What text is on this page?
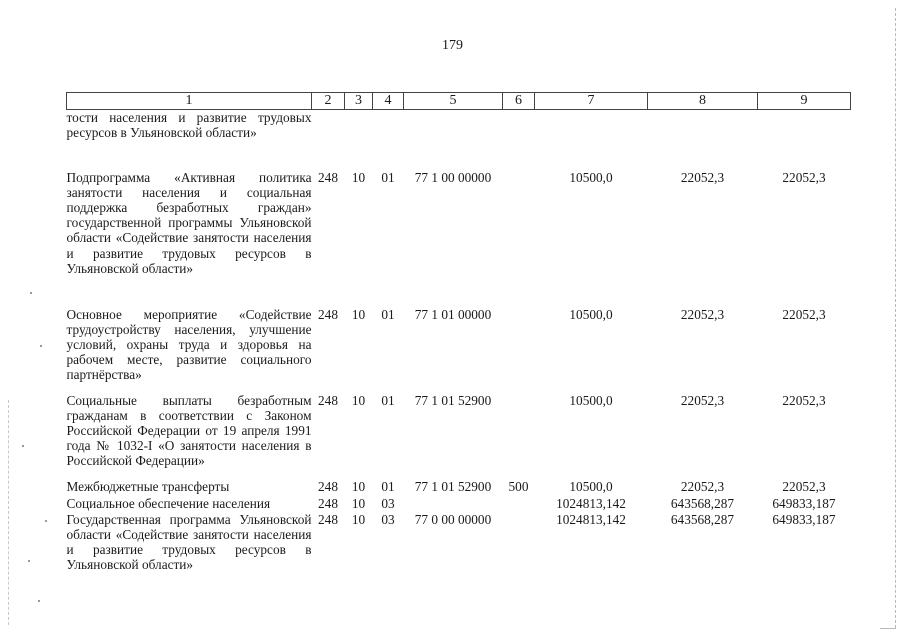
179
1	2	3	4	5	6	7	8	9
тости населения и развитие трудовых ресурсов в Ульяновской области»								
Подпрограмма «Активная политика занятости населения и социальная поддержка безработных граждан» государственной программы Ульяновской области «Содействие занятости населения и развитие трудовых ресурсов в Ульяновской области»	248	10	01	77 1 00 00000		10500,0	22052,3	22052,3
Основное мероприятие «Содействие трудоустройству населения, улучшение условий, охраны труда и здоровья на рабочем месте, развитие социального партнёрства»	248	10	01	77 1 01 00000		10500,0	22052,3	22052,3
Социальные выплаты безработным гражданам в соответствии с Законом Российской Федерации от 19 апреля 1991 года № 1032-I «О занятости населения в Российской Федерации»	248	10	01	77 1 01 52900		10500,0	22052,3	22052,3
Межбюджетные трансферты	248	10	01	77 1 01 52900	500	10500,0	22052,3	22052,3
Социальное обеспечение населения	248	10	03			1024813,142	643568,287	649833,187
Государственная программа Ульяновской области «Содействие занятости населения и развитие трудовых ресурсов в Ульяновской области»	248	10	03	77 0 00 00000		1024813,142	643568,287	649833,187
